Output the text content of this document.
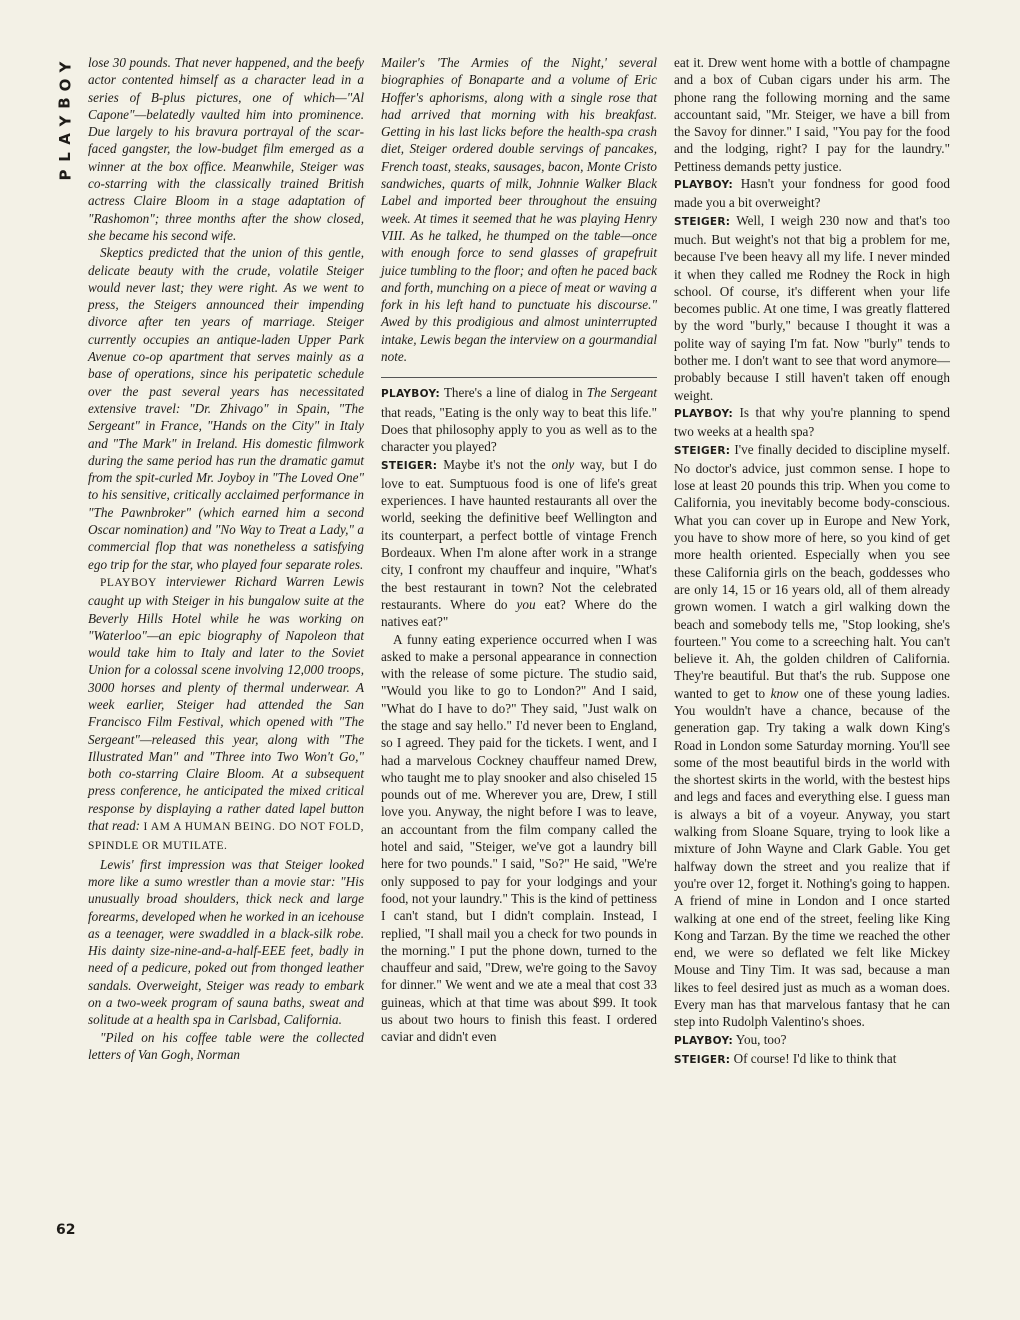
Y
O
B
Y
A
L
P
62

lose 30 pounds. That never happened, and the beefy actor contented himself as a character lead in a series of B-plus pictures, one of which—"Al Capone"—belatedly vaulted him into prominence. Due largely to his bravura portrayal of the scar-faced gangster, the low-budget film emerged as a winner at the box office. Meanwhile, Steiger was co-starring with the classically trained British actress Claire Bloom in a stage adaptation of "Rashomon"; three months after the show closed, she became his second wife.

Skeptics predicted that the union of this gentle, delicate beauty with the crude, volatile Steiger would never last; they were right. As we went to press, the Steigers announced their impending divorce after ten years of marriage. Steiger currently occupies an antique-laden Upper Park Avenue co-op apartment that serves mainly as a base of operations, since his peripatetic schedule over the past several years has necessitated extensive travel: "Dr. Zhivago" in Spain, "The Sergeant" in France, "Hands on the City" in Italy and "The Mark" in Ireland. His domestic filmwork during the same period has run the dramatic gamut from the spit-curled Mr. Joyboy in "The Loved One" to his sensitive, critically acclaimed performance in "The Pawnbroker" (which earned him a second Oscar nomination) and "No Way to Treat a Lady," a commercial flop that was nonetheless a satisfying ego trip for the star, who played four separate roles.

PLAYBOY interviewer Richard Warren Lewis caught up with Steiger in his bungalow suite at the Beverly Hills Hotel while he was working on "Waterloo"—an epic biography of Napoleon that would take him to Italy and later to the Soviet Union for a colossal scene involving 12,000 troops, 3000 horses and plenty of thermal underwear. A week earlier, Steiger had attended the San Francisco Film Festival, which opened with "The Sergeant"—released this year, along with "The Illustrated Man" and "Three into Two Won't Go," both co-starring Claire Bloom. At a subsequent press conference, he anticipated the mixed critical response by displaying a rather dated lapel button that read: I AM A HUMAN BEING. DO NOT FOLD, SPINDLE OR MUTILATE.

Lewis' first impression was that Steiger looked more like a sumo wrestler than a movie star: "His unusually broad shoulders, thick neck and large forearms, developed when he worked in an icehouse as a teenager, were swaddled in a black-silk robe. His dainty size-nine-and-a-half-EEE feet, badly in need of a pedicure, poked out from thonged leather sandals. Overweight, Steiger was ready to embark on a two-week program of sauna baths, sweat and solitude at a health spa in Carlsbad, California.

"Piled on his coffee table were the collected letters of Van Gogh, Norman

Mailer's 'The Armies of the Night,' several biographies of Bonaparte and a volume of Eric Hoffer's aphorisms, along with a single rose that had arrived that morning with his breakfast. Getting in his last licks before the health-spa crash diet, Steiger ordered double servings of pancakes, French toast, steaks, sausages, bacon, Monte Cristo sandwiches, quarts of milk, Johnnie Walker Black Label and imported beer throughout the ensuing week. At times it seemed that he was playing Henry VIII. As he talked, he thumped on the table—once with enough force to send glasses of grapefruit juice tumbling to the floor; and often he paced back and forth, munching on a piece of meat or waving a fork in his left hand to punctuate his discourse." Awed by this prodigious and almost uninterrupted intake, Lewis began the interview on a gourmandial note.

PLAYBOY: There's a line of dialog in The Sergeant that reads, "Eating is the only way to beat this life." Does that philosophy apply to you as well as to the character you played?

STEIGER: Maybe it's not the only way, but I do love to eat. Sumptuous food is one of life's great experiences. I have haunted restaurants all over the world, seeking the definitive beef Wellington and its counterpart, a perfect bottle of vintage French Bordeaux. When I'm alone after work in a strange city, I confront my chauffeur and inquire, "What's the best restaurant in town? Not the celebrated restaurants. Where do you eat? Where do the natives eat?"

A funny eating experience occurred when I was asked to make a personal appearance in connection with the release of some picture. The studio said, "Would you like to go to London?" And I said, "What do I have to do?" They said, "Just walk on the stage and say hello." I'd never been to England, so I agreed. They paid for the tickets. I went, and I had a marvelous Cockney chauffeur named Drew, who taught me to play snooker and also chiseled 15 pounds out of me. Wherever you are, Drew, I still love you. Anyway, the night before I was to leave, an accountant from the film company called the hotel and said, "Steiger, we've got a laundry bill here for two pounds." I said, "So?" He said, "We're only supposed to pay for your lodgings and your food, not your laundry." This is the kind of pettiness I can't stand, but I didn't complain. Instead, I replied, "I shall mail you a check for two pounds in the morning." I put the phone down, turned to the chauffeur and said, "Drew, we're going to the Savoy for dinner." We went and we ate a meal that cost 33 guineas, which at that time was about $99. It took us about two hours to finish this feast. I ordered caviar and didn't even

eat it. Drew went home with a bottle of champagne and a box of Cuban cigars under his arm. The phone rang the following morning and the same accountant said, "Mr. Steiger, we have a bill from the Savoy for dinner." I said, "You pay for the food and the lodging, right? I pay for the laundry." Pettiness demands petty justice.

PLAYBOY: Hasn't your fondness for good food made you a bit overweight?

STEIGER: Well, I weigh 230 now and that's too much. But weight's not that big a problem for me, because I've been heavy all my life. I never minded it when they called me Rodney the Rock in high school. Of course, it's different when your life becomes public. At one time, I was greatly flattered by the word "burly," because I thought it was a polite way of saying I'm fat. Now "burly" tends to bother me. I don't want to see that word anymore—probably because I still haven't taken off enough weight.

PLAYBOY: Is that why you're planning to spend two weeks at a health spa?

STEIGER: I've finally decided to discipline myself. No doctor's advice, just common sense. I hope to lose at least 20 pounds this trip. When you come to California, you inevitably become body-conscious. What you can cover up in Europe and New York, you have to show more of here, so you kind of get more health oriented. Especially when you see these California girls on the beach, goddesses who are only 14, 15 or 16 years old, all of them already grown women. I watch a girl walking down the beach and somebody tells me, "Stop looking, she's fourteen." You come to a screeching halt. You can't believe it. Ah, the golden children of California. They're beautiful. But that's the rub. Suppose one wanted to get to know one of these young ladies. You wouldn't have a chance, because of the generation gap. Try taking a walk down King's Road in London some Saturday morning. You'll see some of the most beautiful birds in the world with the shortest skirts in the world, with the bestest hips and legs and faces and everything else. I guess man is always a bit of a voyeur. Anyway, you start walking from Sloane Square, trying to look like a mixture of John Wayne and Clark Gable. You get halfway down the street and you realize that if you're over 12, forget it. Nothing's going to happen. A friend of mine in London and I once started walking at one end of the street, feeling like King Kong and Tarzan. By the time we reached the other end, we were so deflated we felt like Mickey Mouse and Tiny Tim. It was sad, because a man likes to feel desired just as much as a woman does. Every man has that marvelous fantasy that he can step into Rudolph Valentino's shoes.

PLAYBOY: You, too?

STEIGER: Of course! I'd like to think that
